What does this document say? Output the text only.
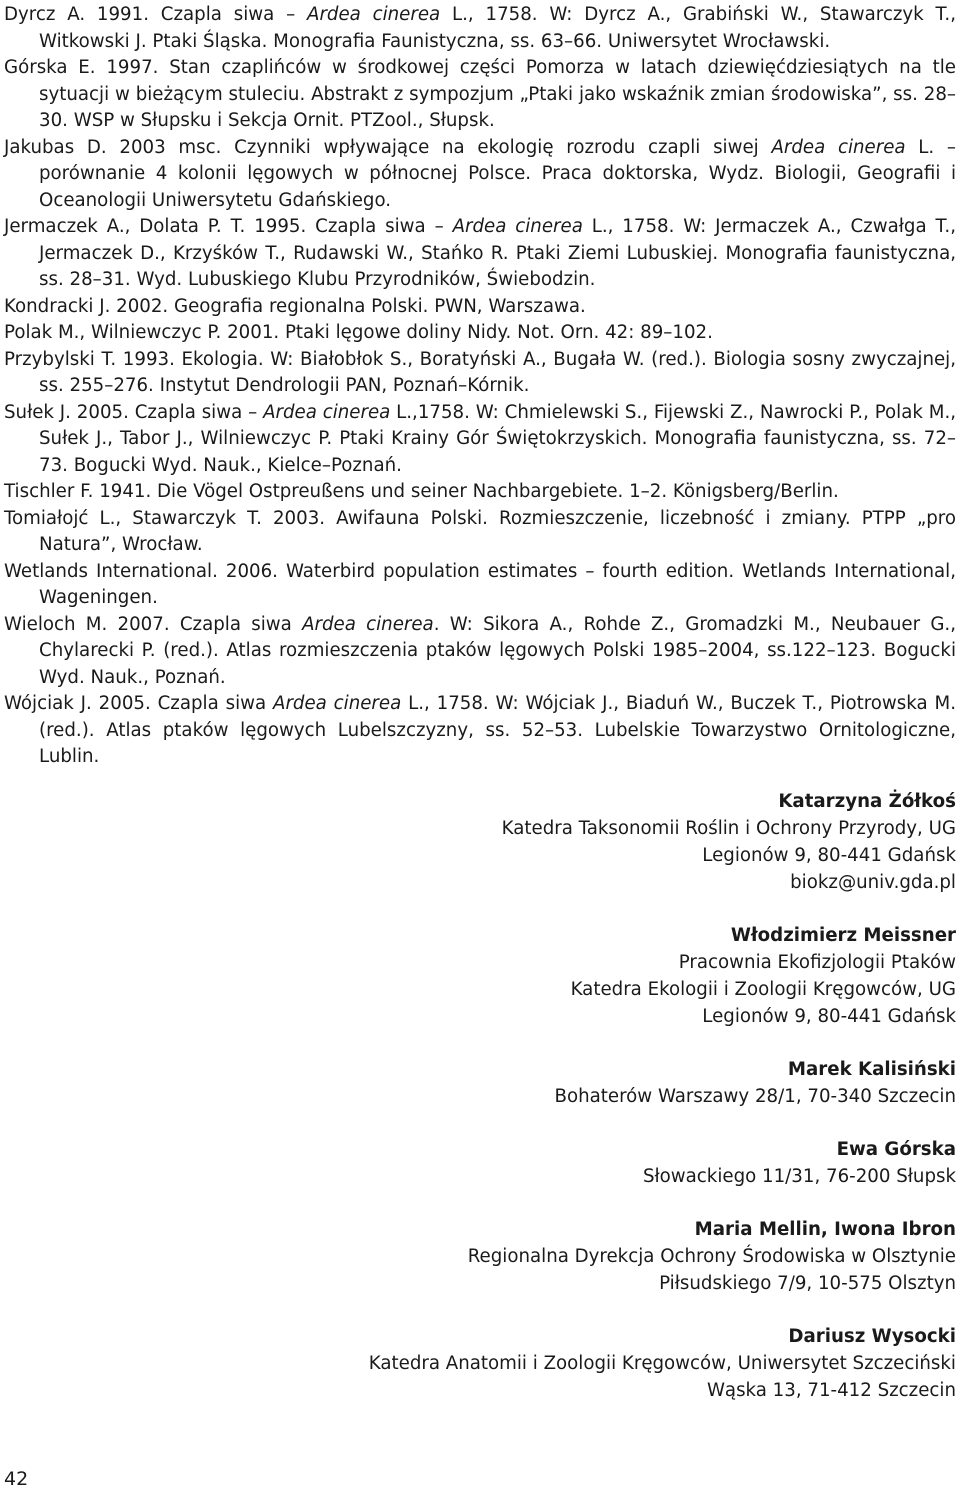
Dyrcz A. 1991. Czapla siwa – Ardea cinerea L., 1758. W: Dyrcz A., Grabiński W., Stawarczyk T., Witkowski J. Ptaki Śląska. Monografia Faunistyczna, ss. 63–66. Uniwersytet Wrocławski.
Górska E. 1997. Stan czaplińców w środkowej części Pomorza w latach dziewięćdziesiątych na tle sytuacji w bieżącym stuleciu. Abstrakt z sympozjum „Ptaki jako wskaźnik zmian środowiska”, ss. 28–30. WSP w Słupsku i Sekcja Ornit. PTZool., Słupsk.
Jakubas D. 2003 msc. Czynniki wpływające na ekologię rozrodu czapli siwej Ardea cinerea L. – porównanie 4 kolonii lęgowych w północnej Polsce. Praca doktorska, Wydz. Biologii, Geografii i Oceanologii Uniwersytetu Gdańskiego.
Jermaczek A., Dolata P. T. 1995. Czapla siwa – Ardea cinerea L., 1758. W: Jermaczek A., Czwałga T., Jermaczek D., Krzyśków T., Rudawski W., Stańko R. Ptaki Ziemi Lubuskiej. Monografia faunistyczna, ss. 28–31. Wyd. Lubuskiego Klubu Przyrodników, Świebodzin.
Kondracki J. 2002. Geografia regionalna Polski. PWN, Warszawa.
Polak M., Wilniewczyc P. 2001. Ptaki lęgowe doliny Nidy. Not. Orn. 42: 89–102.
Przybylski T. 1993. Ekologia. W: Białobłok S., Boratyński A., Bugała W. (red.). Biologia sosny zwyczajnej, ss. 255–276. Instytut Dendrologii PAN, Poznań–Kórnik.
Sułek J. 2005. Czapla siwa – Ardea cinerea L.,1758. W: Chmielewski S., Fijewski Z., Nawrocki P., Polak M., Sułek J., Tabor J., Wilniewczyc P. Ptaki Krainy Gór Świętokrzyskich. Monografia faunistyczna, ss. 72–73. Bogucki Wyd. Nauk., Kielce–Poznań.
Tischler F. 1941. Die Vögel Ostpreußens und seiner Nachbargebiete. 1–2. Königsberg/Berlin.
Tomiałojć L., Stawarczyk T. 2003. Awifauna Polski. Rozmieszczenie, liczebność i zmiany. PTPP „pro Natura”, Wrocław.
Wetlands International. 2006. Waterbird population estimates – fourth edition. Wetlands International, Wageningen.
Wieloch M. 2007. Czapla siwa Ardea cinerea. W: Sikora A., Rohde Z., Gromadzki M., Neubauer G., Chylarecki P. (red.). Atlas rozmieszczenia ptaków lęgowych Polski 1985–2004, ss.122–123. Bogucki Wyd. Nauk., Poznań.
Wójciak J. 2005. Czapla siwa Ardea cinerea L., 1758. W: Wójciak J., Biaduń W., Buczek T., Piotrowska M. (red.). Atlas ptaków lęgowych Lubelszczyzny, ss. 52–53. Lubelskie Towarzystwo Ornitologiczne, Lublin.
Katarzyna Żółkoś
Katedra Taksonomii Roślin i Ochrony Przyrody, UG
Legionów 9, 80-441 Gdańsk
biokz@univ.gda.pl
Włodzimierz Meissner
Pracownia Ekofizjologii Ptaków
Katedra Ekologii i Zoologii Kręgowców, UG
Legionów 9, 80-441 Gdańsk
Marek Kalisiński
Bohaterów Warszawy 28/1, 70-340 Szczecin
Ewa Górska
Słowackiego 11/31, 76-200 Słupsk
Maria Mellin, Iwona Ibron
Regionalna Dyrekcja Ochrony Środowiska w Olsztynie
Piłsudskiego 7/9, 10-575 Olsztyn
Dariusz Wysocki
Katedra Anatomii i Zoologii Kręgowców, Uniwersytet Szczeciński
Wąska 13, 71-412 Szczecin
42
